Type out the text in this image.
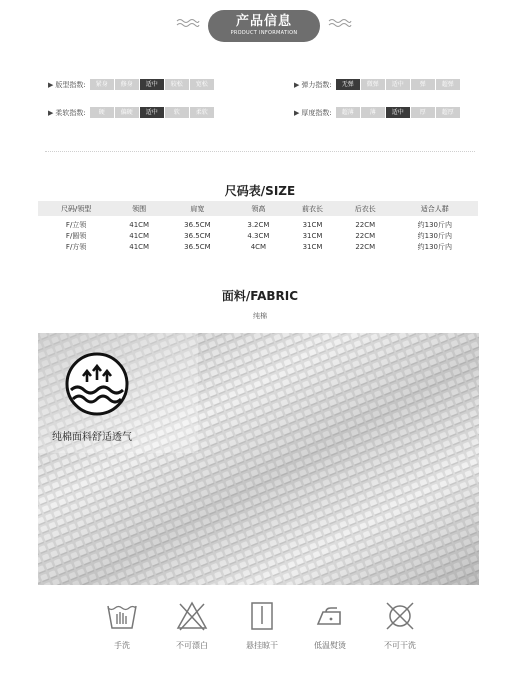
产品信息
PRODUCT INFORMATION
▶ 版型指数:	紧身	修身	适中	较松	宽松	▶ 弹力指数:	无弹	微弹	适中	弹	超弹
▶ 柔软指数:	硬	偏硬	适中	软	柔软	▶ 厚度指数:	超薄	薄	适中	厚	超厚
尺码表/SIZE
尺码/领型	领围	肩宽	领高	前衣长	后衣长	适合人群
F/立领	41CM	36.5CM	3.2CM	31CM	22CM	约130斤内
F/圆领	41CM	36.5CM	4.3CM	31CM	22CM	约130斤内
F/方领	41CM	36.5CM	4CM	31CM	22CM	约130斤内
面料/FABRIC
纯棉
纯棉面料舒适透气
手洗	不可漂白	悬挂晾干	低温熨烫	不可干洗
